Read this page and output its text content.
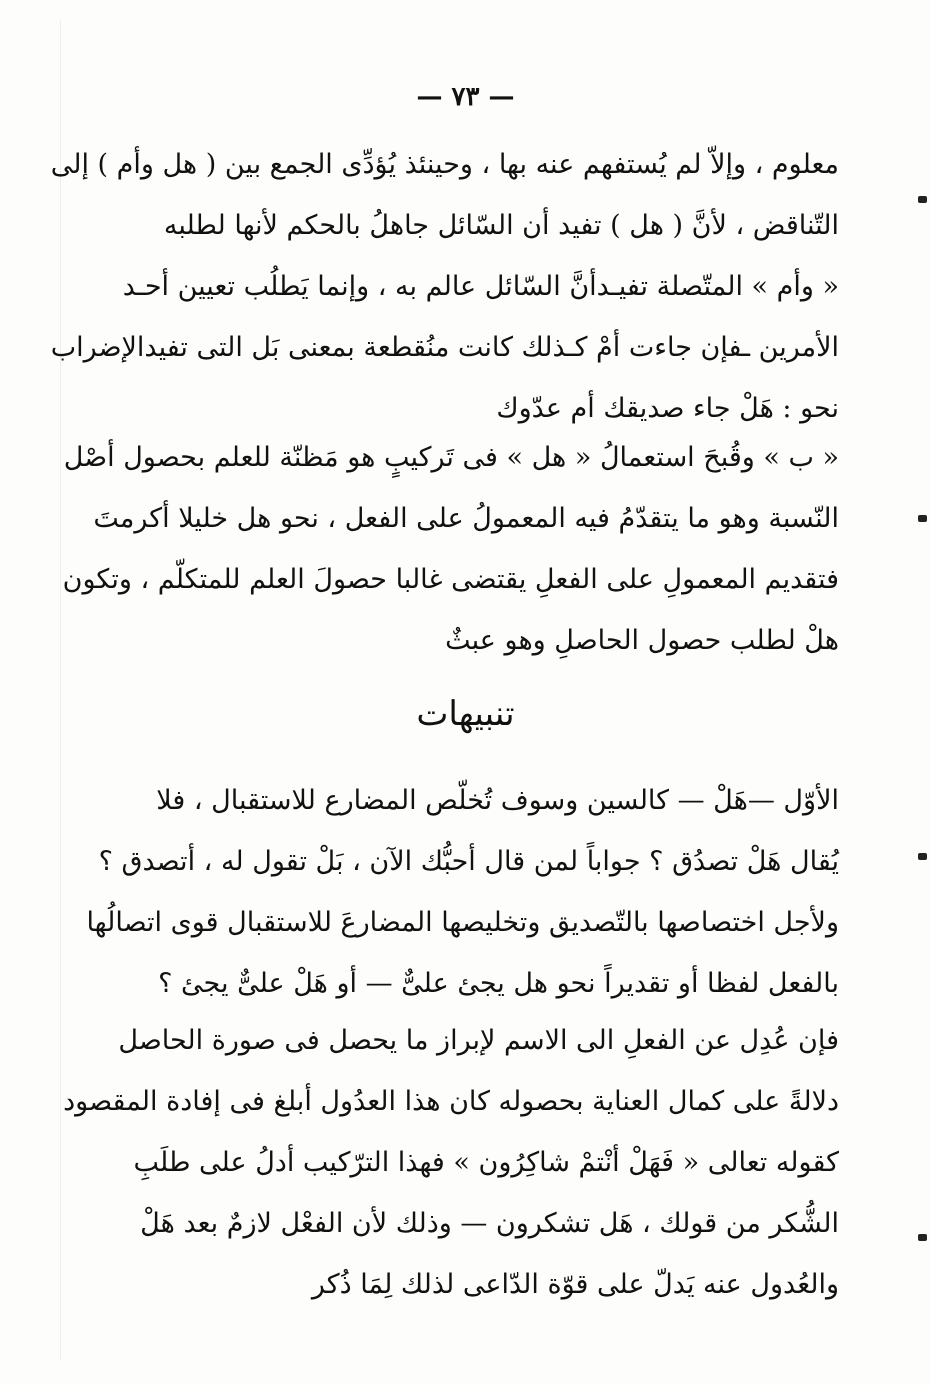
— ٧٣ —
معلوم ، وإلاّ لم يُستفهم عنه بها ، وحينئذ يُؤدِّى الجمع بين ( هل وأم ) إلى
التّناقض ، لأنَّ ( هل ) تفيد أن السّائل جاهلُ بالحكم لأنها لطلبه
« وأم » المتّصلة تفيـدأنَّ السّائل عالم به ، وإنما يَطلُب تعيين أحـد
الأمرين ـفإن جاءت أمْ كـذلك كانت منُقطعة بمعنى بَل التى تفيدالإضراب
نحو : هَلْ جاء صديقك أم عدّوك
« ب » وقُبحَ استعمالُ « هل » فى تَركيبٍ هو مَظنّة للعلم بحصول أصْل
النّسبة وهو ما يتقدّمُ فيه المعمولُ على الفعل ، نحو هل خليلا أكرمتَ
فتقديم المعمولِ على الفعلِ يقتضى غالبا حصولَ العلم للمتكلّم ، وتكون
هلْ لطلب حصول الحاصلِ وهو عبثٌ
تنبيهات
الأوّل —هَلْ — كالسين وسوف تُخلّص المضارع للاستقبال ، فلا
يُقال هَلْ تصدُق ؟ جواباً لمن قال أحبُّك الآن ، بَلْ تقول له ، أتصدق ؟
ولأجل اختصاصها بالتّصديق وتخليصها المضارعَ للاستقبال قوى اتصالُها
بالفعل لفظا أو تقديراً نحو هل يجئ علىٌّ — أو هَلْ علىٌّ يجئ ؟
فإن عُدِل عن الفعلِ الى الاسم لإبراز ما يحصل فى صورة الحاصل
دلالةً على كمال العناية بحصوله كان هذا العدُول أبلغ فى إفادة المقصود
كقوله تعالى « فَهَلْ أنْتمْ شاكِرُون » فهذا الترّكيب أدلُ على طلَبِ
الشُّكر من قولك ، هَل تشكرون — وذلك لأن الفعْل لازمٌ بعد هَلْ
والعُدول عنه يَدلّ على قوّة الدّاعى لذلك لِمَا ذُكر
